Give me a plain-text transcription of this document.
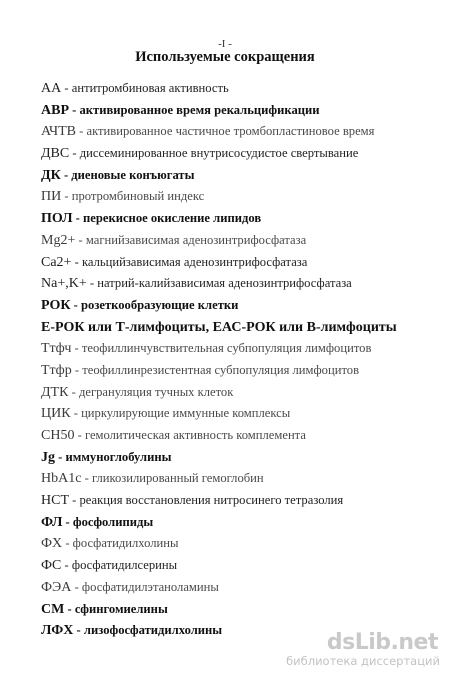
-I -
Используемые сокращения
АА - антитромбиновая активность
АВР - активированное время рекальцификации
АЧТВ - активированное частичное тромбопластиновое время
ДВС - диссеминированное внутрисосудистое свертывание
ДК - диеновые конъюгаты
ПИ - протромбиновый индекс
ПОЛ - перекисное окисление липидов
Mg2+ - магнийзависимая аденозинтрифосфатаза
Ca2+ - кальцийзависимая аденозинтрифосфатаза
Na+,K+ - натрий-калийзависимая аденозинтрифосфатаза
РОК - розеткообразующие клетки
Е-РОК или Т-лимфоциты, ЕАС-РОК или В-лимфоциты
Ттфч - теофиллинчувствительная субпопуляция лимфоцитов
Ттфр - теофиллинрезистентная субпопуляция лимфоцитов
ДТК - дегрануляция тучных клеток
ЦИК - циркулирующие иммунные комплексы
СН50 - гемолитическая активность комплемента
Jg - иммуноглобулины
HbA1c - гликозилированный гемоглобин
НСТ - реакция восстановления нитросинего тетразолия
ФЛ - фосфолипиды
ФХ - фосфатидилхолины
ФС - фосфатидилсерины
ФЭА - фосфатидилэтаноламины
СМ - сфингомиелины
ЛФХ - лизофосфатидилхолины	dsLib.net
библиотека диссертаций
